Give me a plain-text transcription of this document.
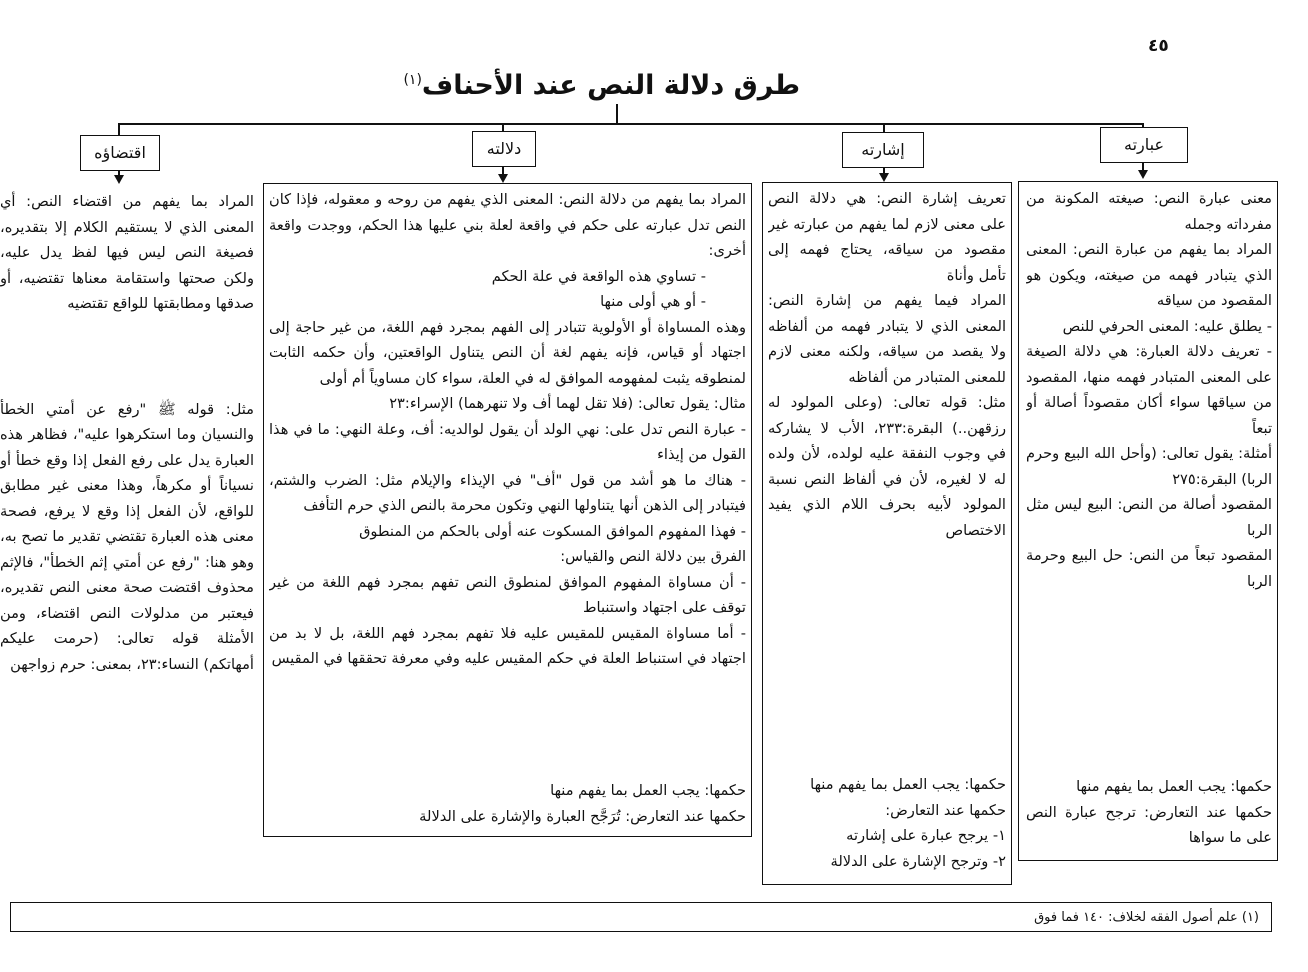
٤٥
طرق دلالة النص عند الأحناف$^{(١)}$
عبارته
إشارته
دلالته
اقتضاؤه

معنى عبارة النص: صيغته المكونة من مفرداته وجمله

المراد بما يفهم من عبارة النص: المعنى الذي يتبادر فهمه من صيغته، ويكون هو المقصود من سياقه

- يطلق عليه: المعنى الحرفي للنص

- تعريف دلالة العبارة: هي دلالة الصيغة على المعنى المتبادر فهمه منها، المقصود من سياقها سواء أكان مقصوداً أصالة أو تبعاً

أمثلة: يقول تعالى: (وأحل الله البيع وحرم الربا) البقرة:٢٧٥

المقصود أصالة من النص: البيع ليس مثل الربا

المقصود تبعاً من النص: حل البيع وحرمة الربا

حكمها: يجب العمل بما يفهم منها

حكمها عند التعارض: ترجح عبارة النص على ما سواها

تعريف إشارة النص: هي دلالة النص على معنى لازم لما يفهم من عبارته غير مقصود من سياقه، يحتاج فهمه إلى تأمل وأناة

المراد فيما يفهم من إشارة النص: المعنى الذي لا يتبادر فهمه من ألفاظه ولا يقصد من سياقه، ولكنه معنى لازم للمعنى المتبادر من ألفاظه

مثل: قوله تعالى: (وعلى المولود له رزقهن..) البقرة:٢٣٣، الأب لا يشاركه في وجوب النفقة عليه لولده، لأن ولده له لا لغيره، لأن في ألفاظ النص نسبة المولود لأبيه بحرف اللام الذي يفيد الاختصاص

حكمها: يجب العمل بما يفهم منها

حكمها عند التعارض:

١- يرجح عبارة على إشارته

٢- وترجح الإشارة على الدلالة

المراد بما يفهم من دلالة النص: المعنى الذي يفهم من روحه و معقوله، فإذا كان النص تدل عبارته على حكم في واقعة لعلة بني عليها هذا الحكم، ووجدت واقعة أخرى:

- تساوي هذه الواقعة في علة الحكم

- أو هي أولى منها

وهذه المساواة أو الأولوية تتبادر إلى الفهم بمجرد فهم اللغة، من غير حاجة إلى اجتهاد أو قياس، فإنه يفهم لغة أن النص يتناول الواقعتين، وأن حكمه الثابت لمنطوقه يثبت لمفهومه الموافق له في العلة، سواء كان مساوياً أم أولى

مثال: يقول تعالى: (فلا تقل لهما أف ولا تنهرهما) الإسراء:٢٣

- عبارة النص تدل على: نهي الولد أن يقول لوالديه: أف، وعلة النهي: ما في هذا القول من إيذاء

- هناك ما هو أشد من قول "أف" في الإيذاء والإيلام مثل: الضرب والشتم، فيتبادر إلى الذهن أنها يتناولها النهي وتكون محرمة بالنص الذي حرم التأفف

- فهذا المفهوم الموافق المسكوت عنه أولى بالحكم من المنطوق

الفرق بين دلالة النص والقياس:

- أن مساواة المفهوم الموافق لمنطوق النص تفهم بمجرد فهم اللغة من غير توقف على اجتهاد واستنباط

- أما مساواة المقيس للمقيس عليه فلا تفهم بمجرد فهم اللغة، بل لا بد من اجتهاد في استنباط العلة في حكم المقيس عليه وفي معرفة تحققها في المقيس

حكمها: يجب العمل بما يفهم منها

حكمها عند التعارض: تُرَجَّح العبارة والإشارة على الدلالة

المراد بما يفهم من اقتضاء النص: أي المعنى الذي لا يستقيم الكلام إلا بتقديره، فصيغة النص ليس فيها لفظ يدل عليه، ولكن صحتها واستقامة معناها تقتضيه، أو صدقها ومطابقتها للواقع تقتضيه

مثل: قوله ﷺ "رفع عن أمتي الخطأ والنسيان وما استكرهوا عليه"، فظاهر هذه العبارة يدل على رفع الفعل إذا وقع خطأ أو نسياناً أو مكرهاً، وهذا معنى غير مطابق للواقع، لأن الفعل إذا وقع لا يرفع، فصحة معنى هذه العبارة تقتضي تقدير ما تصح به، وهو هنا: "رفع عن أمتي إثم الخطأ"، فالإثم محذوف اقتضت صحة معنى النص تقديره، فيعتبر من مدلولات النص اقتضاء، ومن الأمثلة قوله تعالى: (حرمت عليكم أمهاتكم) النساء:٢٣، بمعنى: حرم زواجهن

(١) علم أصول الفقه لخلاف: ١٤٠ فما فوق
